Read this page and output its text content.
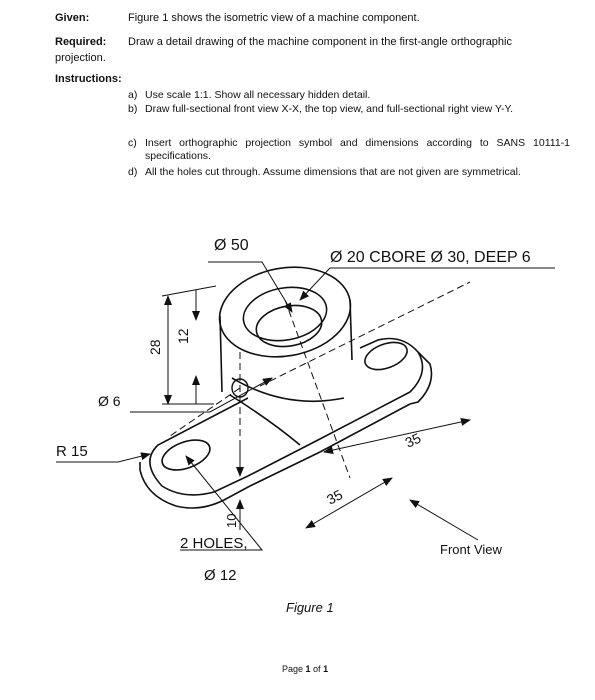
Given:	Figure 1 shows the isometric view of a machine component.
Required: Draw a detail drawing of the machine component in the first-angle orthographic
projection.
Instructions:
a) Use scale 1:1. Show all necessary hidden detail.
b) Draw full-sectional front view X-X, the top view, and full-sectional right view Y-Y.
c) Insert orthographic projection symbol and dimensions according to SANS 10111-1 specifications.
d) All the holes cut through. Assume dimensions that are not given are symmetrical.
Ø 50
Ø 20 CBORE Ø 30, DEEP 6
28
12
Ø 6
R 15
35
35
10
2 HOLES,
Ø 12
Front View
Figure 1
Page 1 of 1
